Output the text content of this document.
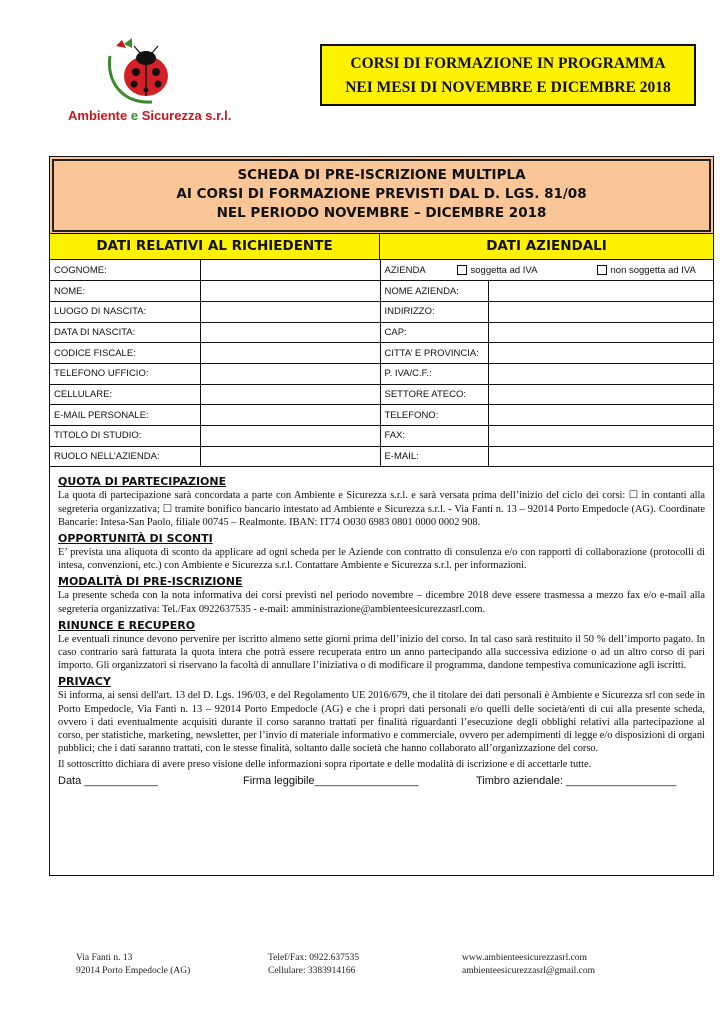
Ambiente e Sicurezza s.r.l.
CORSI DI FORMAZIONE IN PROGRAMMA
NEI MESI DI NOVEMBRE E DICEMBRE 2018
SCHEDA DI PRE-ISCRIZIONE MULTIPLA
AI CORSI DI FORMAZIONE PREVISTI DAL D. LGS. 81/08
NEL PERIODO NOVEMBRE – DICEMBRE 2018
DATI RELATIVI AL RICHIEDENTE	DATI AZIENDALI
COGNOME:		AZIENDA soggetta ad IVA non soggetta ad IVA	

NOME:		NOME AZIENDA:	
LUOGO DI NASCITA:		INDIRIZZO:	
DATA DI NASCITA:		CAP:	
CODICE FISCALE:		CITTA’ E PROVINCIA:	
TELEFONO UFFICIO:		P. IVA/C.F.:	
CELLULARE:		SETTORE ATECO:	
E-MAIL PERSONALE:		TELEFONO:	
TITOLO DI STUDIO:		FAX:	
RUOLO NELL’AZIENDA:		E-MAIL:	
QUOTA DI PARTECIPAZIONE
La quota di partecipazione sarà concordata a parte con Ambiente e Sicurezza s.r.l. e sarà versata prima dell’inizio del ciclo dei corsi: ☐ in contanti alla segreteria organizzativa; ☐ tramite bonifico bancario intestato ad Ambiente e Sicurezza s.r.l. - Via Fanti n. 13 – 92014 Porto Empedocle (AG). Coordinate Bancarie: Intesa-San Paolo, filiale 00745 – Realmonte. IBAN: IT74 O030 6983 0801 0000 0002 908.
OPPORTUNITÀ DI SCONTI
E’ prevista una aliquota di sconto da applicare ad ogni scheda per le Aziende con contratto di consulenza e/o con rapporti di collaborazione (protocolli di intesa, convenzioni, etc.) con Ambiente e Sicurezza s.r.l. Contattare Ambiente e Sicurezza s.r.l. per informazioni.
MODALITÀ DI PRE-ISCRIZIONE
La presente scheda con la nota informativa dei corsi previsti nel periodo novembre – dicembre 2018 deve essere trasmessa a mezzo fax e/o e-mail alla segreteria organizzativa: Tel./Fax 0922637535 - e-mail: amministrazione@ambienteesicurezzasrl.com.
RINUNCE E RECUPERO
Le eventuali rinunce devono pervenire per iscritto almeno sette giorni prima dell’inizio del corso. In tal caso sarà restituito il 50 % dell’importo pagato. In caso contrario sarà fatturata la quota intera che potrà essere recuperata entro un anno partecipando alla successiva edizione o ad un altro corso di pari importo. Gli organizzatori si riservano la facoltà di annullare l’iniziativa o di modificare il programma, dandone tempestiva comunicazione agli iscritti.
PRIVACY
Si informa, ai sensi dell'art. 13 del D. Lgs. 196/03, e del Regolamento UE 2016/679, che il titolare dei dati personali è Ambiente e Sicurezza srl con sede in Porto Empedocle, Via Fanti n. 13 – 92014 Porto Empedocle (AG) e che i propri dati personali e/o quelli delle società/enti di cui alla presente scheda, ovvero i dati eventualmente acquisiti durante il corso saranno trattati per finalità riguardanti l’esecuzione degli obblighi relativi alla partecipazione al corso, per statistiche, marketing, newsletter, per l’invio di materiale informativo e commerciale, ovvero per adempimenti di legge e/o disposizioni di organi pubblici; che i dati saranno trattati, con le stesse finalità, soltanto dalle società che hanno collaborato all’organizzazione del corso.
Il sottoscritto dichiara di avere preso visione delle informazioni sopra riportate e delle modalità di iscrizione e di accettarle tutte.
Data ____________	Firma leggibile_________________	Timbro aziendale: __________________
Via Fanti n. 13
92014 Porto Empedocle (AG)
Telef/Fax: 0922.637535
Cellulare: 3383914166
www.ambienteesicurezzasrl.com
ambienteesicurezzasrl@gmail.com
